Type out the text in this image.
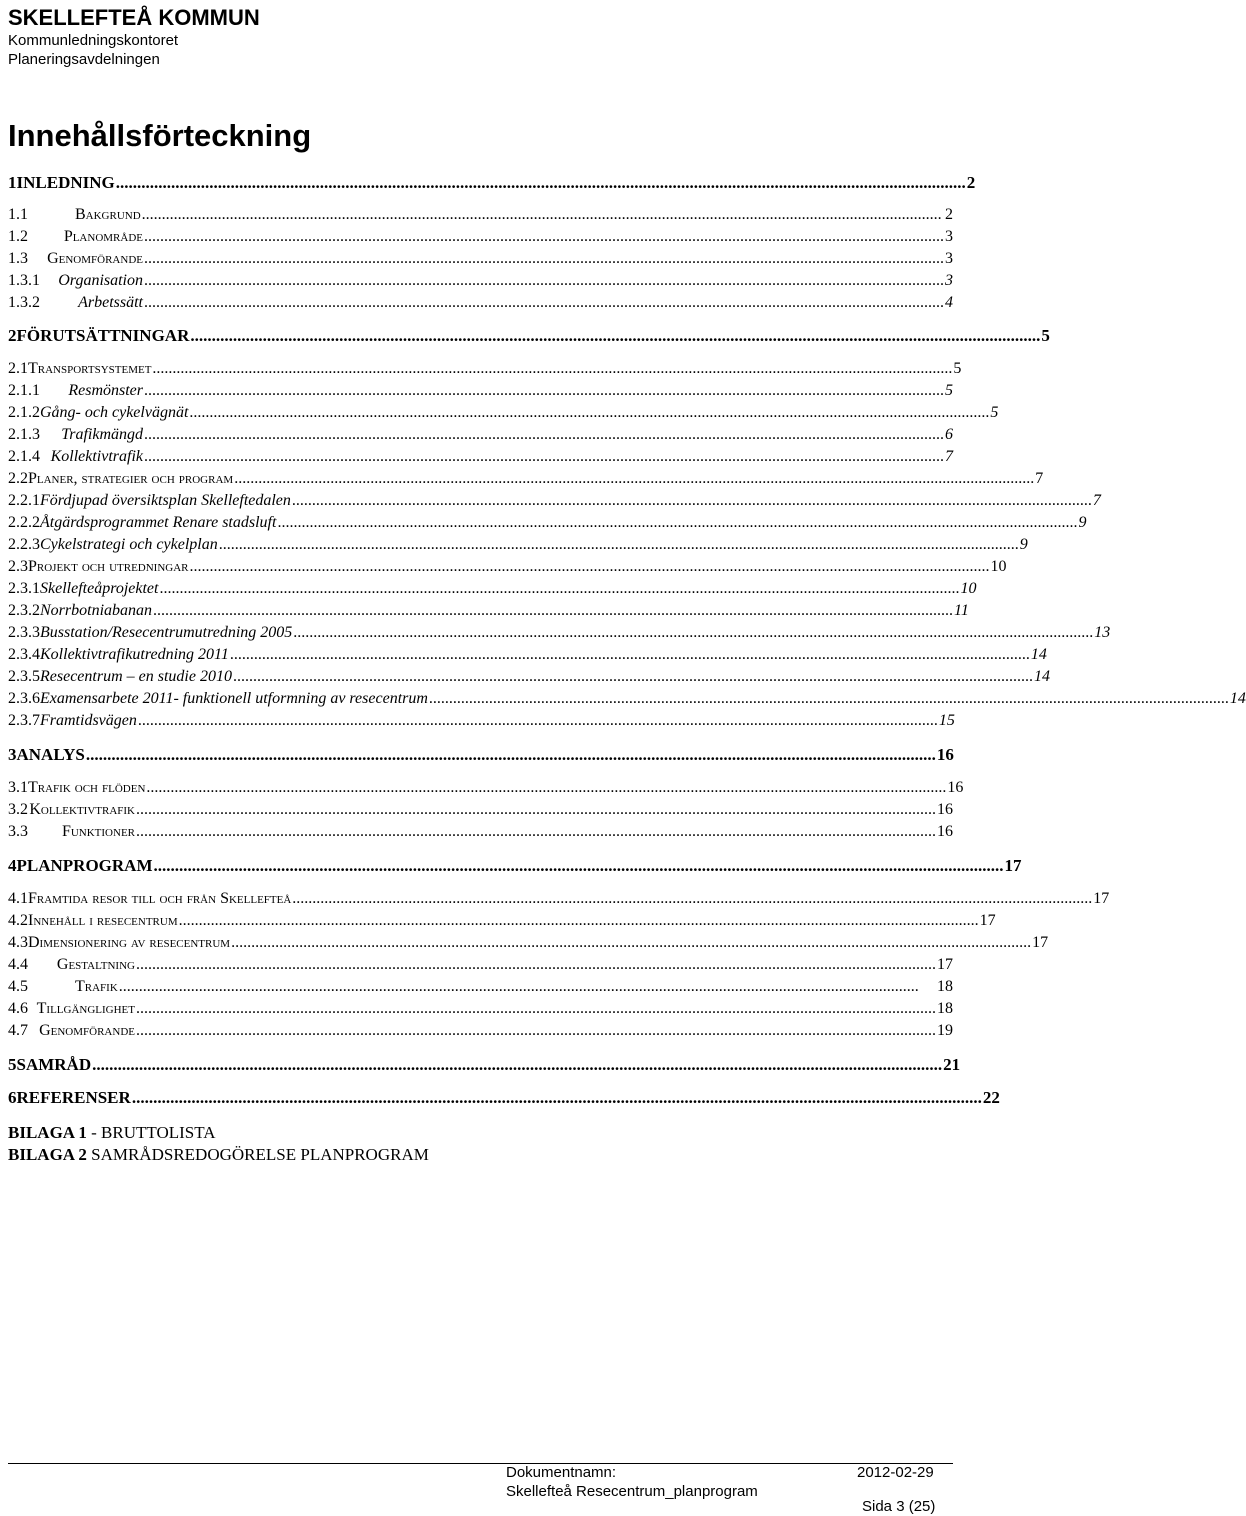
SKELLEFTEÅ KOMMUN
Kommunledningskontoret
Planeringsavdelningen
Innehållsförteckning
1 INLEDNING ........................................................................................................................................................................................................ 2
1.1	Bakgrund ........................................................................................................................................................................................................ 2
1.2	Planområde ........................................................................................................................................................................................................ 3
1.3	Genomförande ........................................................................................................................................................................................................ 3
1.3.1	Organisation ........................................................................................................................................................................................................ 3
1.3.2	Arbetssätt ........................................................................................................................................................................................................ 4
2 FÖRUTSÄTTNINGAR ........................................................................................................................................................................................................ 5
2.1 Transportsystemet ........................................................................................................................................................................................................ 5
2.1.1	Resmönster ........................................................................................................................................................................................................ 5
2.1.2 Gång- och cykelvägnät ........................................................................................................................................................................................................ 5
2.1.3	Trafikmängd ........................................................................................................................................................................................................ 6
2.1.4 Kollektivtrafik ........................................................................................................................................................................................................ 7
2.2 Planer, strategier och program ........................................................................................................................................................................................................ 7
2.2.1 Fördjupad översiktsplan Skelleftedalen ........................................................................................................................................................................................................ 7
2.2.2 Åtgärdsprogrammet Renare stadsluft ........................................................................................................................................................................................................ 9
2.2.3 Cykelstrategi och cykelplan ........................................................................................................................................................................................................ 9
2.3 Projekt och utredningar ........................................................................................................................................................................................................ 10
2.3.1 Skellefteåprojektet ........................................................................................................................................................................................................ 10
2.3.2 Norrbotniabanan ........................................................................................................................................................................................................ 11
2.3.3 Busstation/Resecentrumutredning 2005 ........................................................................................................................................................................................................ 13
2.3.4 Kollektivtrafikutredning 2011 ........................................................................................................................................................................................................ 14
2.3.5 Resecentrum – en studie 2010 ........................................................................................................................................................................................................ 14
2.3.6 Examensarbete 2011- funktionell utformning av resecentrum ........................................................................................................................................................................................................ 14
2.3.7 Framtidsvägen ........................................................................................................................................................................................................ 15
3 ANALYS ........................................................................................................................................................................................................ 16
3.1 Trafik och flöden ........................................................................................................................................................................................................ 16
3.2 Kollektivtrafik ........................................................................................................................................................................................................ 16
3.3	Funktioner ........................................................................................................................................................................................................ 16
4 PLANPROGRAM ........................................................................................................................................................................................................ 17
4.1 Framtida resor till och från Skellefteå ........................................................................................................................................................................................................ 17
4.2 Innehåll i resecentrum ........................................................................................................................................................................................................ 17
4.3 Dimensionering av resecentrum ........................................................................................................................................................................................................ 17
4.4	Gestaltning ........................................................................................................................................................................................................ 17
4.5	Trafik ........................................................................................................................................................................................................	18
4.6 Tillgänglighet ........................................................................................................................................................................................................ 18
4.7 Genomförande ........................................................................................................................................................................................................ 19
5 SAMRÅD ........................................................................................................................................................................................................ 21
6 REFERENSER ........................................................................................................................................................................................................ 22
BILAGA 1 - BRUTTOLISTA
BILAGA 2 SAMRÅDSREDOGÖRELSE PLANPROGRAM
Dokumentnamn:
Skellefteå Resecentrum_planprogram
2012-02-29
Sida 3 (25)
